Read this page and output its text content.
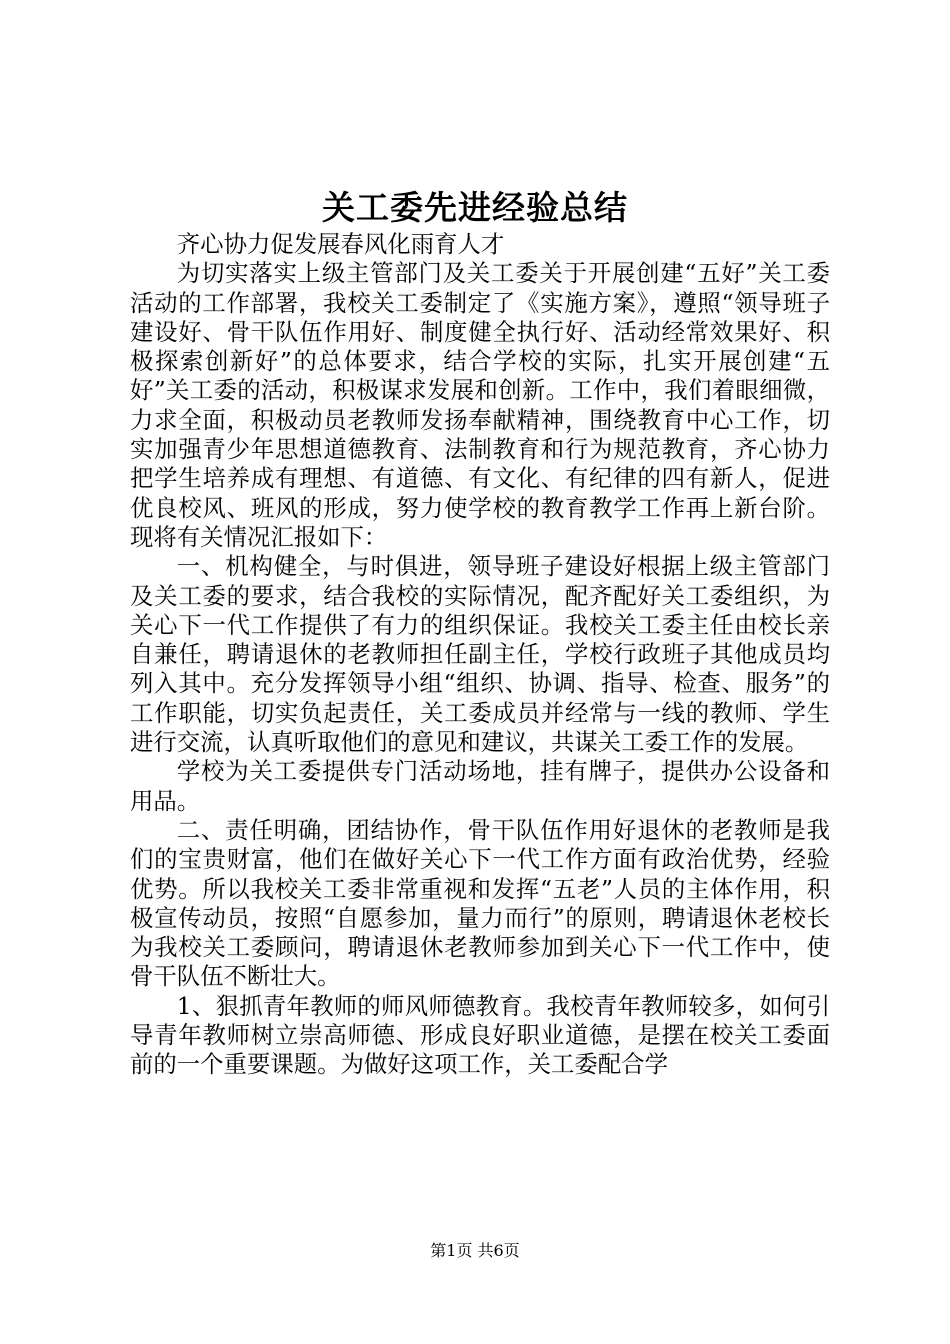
关工委先进经验总结

齐心协力促发展春风化雨育人才

为切实落实上级主管部门及关工委关于开展创建“五好”关工委活动的工作部署，我校关工委制定了《实施方案》，遵照“领导班子建设好、骨干队伍作用好、制度健全执行好、活动经常效果好、积极探索创新好”的总体要求，结合学校的实际，扎实开展创建“五好”关工委的活动，积极谋求发展和创新。工作中，我们着眼细微，力求全面，积极动员老教师发扬奉献精神，围绕教育中心工作，切实加强青少年思想道德教育、法制教育和行为规范教育，齐心协力把学生培养成有理想、有道德、有文化、有纪律的四有新人，促进优良校风、班风的形成，努力使学校的教育教学工作再上新台阶。现将有关情况汇报如下：

一、机构健全，与时俱进，领导班子建设好根据上级主管部门及关工委的要求，结合我校的实际情况，配齐配好关工委组织，为关心下一代工作提供了有力的组织保证。我校关工委主任由校长亲自兼任，聘请退休的老教师担任副主任，学校行政班子其他成员均列入其中。充分发挥领导小组“组织、协调、指导、检查、服务”的工作职能，切实负起责任，关工委成员并经常与一线的教师、学生进行交流，认真听取他们的意见和建议，共谋关工委工作的发展。

学校为关工委提供专门活动场地，挂有牌子，提供办公设备和用品。

二、责任明确，团结协作，骨干队伍作用好退休的老教师是我们的宝贵财富，他们在做好关心下一代工作方面有政治优势，经验优势。所以我校关工委非常重视和发挥“五老”人员的主体作用，积极宣传动员，按照“自愿参加，量力而行”的原则，聘请退休老校长为我校关工委顾问，聘请退休老教师参加到关心下一代工作中，使骨干队伍不断壮大。

1、狠抓青年教师的师风师德教育。我校青年教师较多，如何引导青年教师树立崇高师德、形成良好职业道德，是摆在校关工委面前的一个重要课题。为做好这项工作，关工委配合学

第1页 共6页
